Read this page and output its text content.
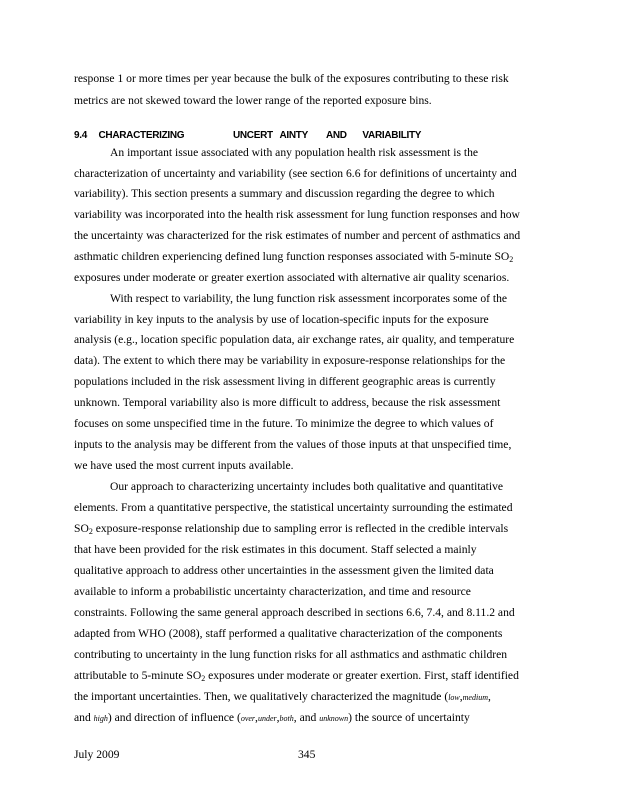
response 1 or more times per year because the bulk of the exposures contributing to these risk
metrics are not skewed toward the lower range of the reported exposure bins.
9.4 CHARACTERIZING	UNCERT AINTY AND VARIABILITY
An important issue associated with any population health risk assessment is the
characterization of uncertainty and variability (see section 6.6 for definitions of uncertainty and
variability). This section presents a summary and discussion regarding the degree to which
variability was incorporated into the health risk assessment for lung function responses and how
the uncertainty was characterized for the risk estimates of number and percent of asthmatics and
asthmatic children experiencing defined lung function responses associated with 5-minute $SO_2$
exposures under moderate or greater exertion associated with alternative air quality scenarios.
With respect to variability, the lung function risk assessment incorporates some of the
variability in key inputs to the analysis by use of location-specific inputs for the exposure
analysis (e.g., location specific population data, air exchange rates, air quality, and temperature
data). The extent to which there may be variability in exposure-response relationships for the
populations included in the risk assessment living in different geographic areas is currently
unknown. Temporal variability also is more difficult to address, because the risk assessment
focuses on some unspecified time in the future. To minimize the degree to which values of
inputs to the analysis may be different from the values of those inputs at that unspecified time,
we have used the most current inputs available.
Our approach to characterizing uncertainty includes both qualitative and quantitative
elements. From a quantitative perspective, the statistical uncertainty surrounding the estimated
$SO_2$ exposure-response relationship due to sampling error is reflected in the credible intervals
that have been provided for the risk estimates in this document. Staff selected a mainly
qualitative approach to address other uncertainties in the assessment given the limited data
available to inform a probabilistic uncertainty characterization, and time and resource
constraints. Following the same general approach described in sections 6.6, 7.4, and 8.11.2 and
adapted from WHO (2008), staff performed a qualitative characterization of the components
contributing to uncertainty in the lung function risks for all asthmatics and asthmatic children
attributable to 5-minute $SO_2$ exposures under moderate or greater exertion. First, staff identified
the important uncertainties. Then, we qualitatively characterized the magnitude (low,medium,
and high) and direction of influence (over,under,both, and unknown) the source of uncertainty
July 2009	345
